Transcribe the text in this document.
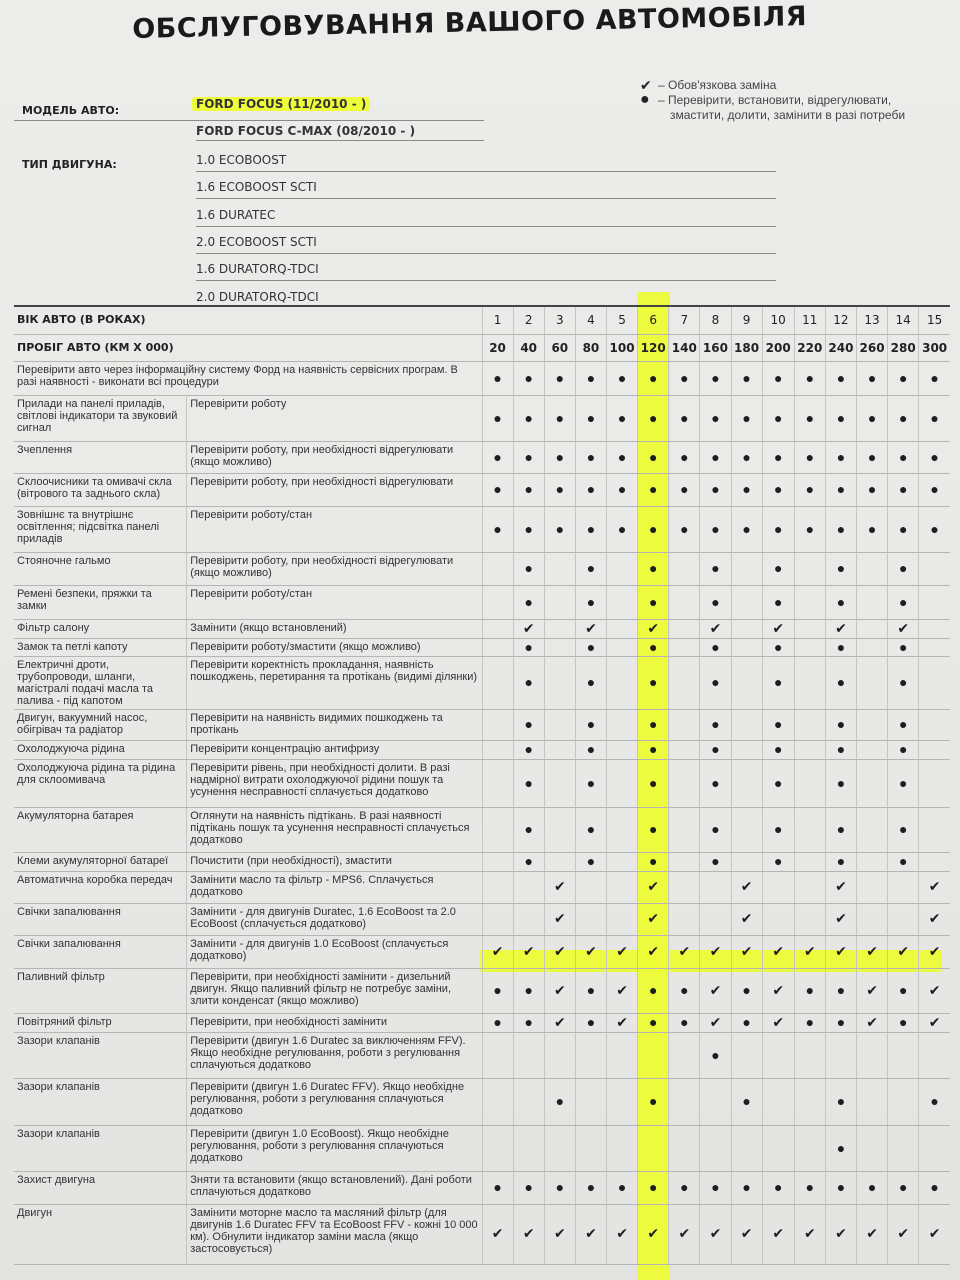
ОБСЛУГОВУВАННЯ ВАШОГО АВТОМОБІЛЯ
✔ – Обов'язкова заміна
● – Перевірити, встановити, відрегулювати,
змастити, долити, замінити в разі потреби
МОДЕЛЬ АВТО:	FORD FOCUS (11/2010 - )
FORD FOCUS C-MAX (08/2010 - )
ТИП ДВИГУНА:	1.0 ECOBOOST
1.6 ECOBOOST SCTI
1.6 DURATEC
2.0 ECOBOOST SCTI
1.6 DURATORQ-TDCI
2.0 DURATORQ-TDCI
ВІК АВТО (В РОКАХ)		1	2	3	4	5	6	7	8	9	10	11	12	13	14	15
ПРОБІГ АВТО (КМ Х 000)		20	40	60	80	100	120	140	160	180	200	220	240	260	280	300
Перевірити авто через інформаційну систему Форд на наявність сервісних програм. В разі наявності - виконати всі процедури		●	●	●	●	●	●	●	●	●	●	●	●	●	●	●
Прилади на панелі приладів, світлові індикатори та звуковий сигнал	Перевірити роботу	●	●	●	●	●	●	●	●	●	●	●	●	●	●	●
Зчеплення	Перевірити роботу, при необхідності відрегулювати (якщо можливо)	●	●	●	●	●	●	●	●	●	●	●	●	●	●	●
Склоочисники та омивачі скла (вітрового та заднього скла)	Перевірити роботу, при необхідності відрегулювати	●	●	●	●	●	●	●	●	●	●	●	●	●	●	●
Зовнішнє та внутрішнє освітлення; підсвітка панелі приладів	Перевірити роботу/стан	●	●	●	●	●	●	●	●	●	●	●	●	●	●	●
Стояночне гальмо	Перевірити роботу, при необхідності відрегулювати (якщо можливо)		●		●		●		●		●		●		●	
Ремені безпеки, пряжки та замки	Перевірити роботу/стан		●		●		●		●		●		●		●	
Фільтр салону	Замінити (якщо встановлений)		✔		✔		✔		✔		✔		✔		✔	
Замок та петлі капоту	Перевірити роботу/змастити (якщо можливо)		●		●		●		●		●		●		●	
Електричні дроти, трубопроводи, шланги, магістралі подачі масла та палива - під капотом	Перевірити коректність прокладання, наявність пошкоджень, перетирання та протікань (видимі ділянки)		●		●		●		●		●		●		●	
Двигун, вакуумний насос, обігрівач та радіатор	Перевірити на наявність видимих пошкоджень та протікань		●		●		●		●		●		●		●	
Охолоджуюча рідина	Перевірити концентрацію антифризу		●		●		●		●		●		●		●	
Охолоджуюча рідина та рідина для склоомивача	Перевірити рівень, при необхідності долити. В разі надмірної витрати охолоджуючої рідини пошук та усунення несправності сплачується додатково		●		●		●		●		●		●		●	
Акумуляторна батарея	Оглянути на наявність підтікань. В разі наявності підтікань пошук та усунення несправності сплачується додатково		●		●		●		●		●		●		●	
Клеми акумуляторної батареї	Почистити (при необхідності), змастити		●		●		●		●		●		●		●	
Автоматична коробка передач	Замінити масло та фільтр - MPS6. Сплачується додатково			✔			✔			✔			✔			✔
Свічки запалювання	Замінити - для двигунів Duratec, 1.6 EcoBoost та 2.0 EcoBoost (сплачується додатково)			✔			✔			✔			✔			✔
Свічки запалювання	Замінити - для двигунів 1.0 EcoBoost (сплачується додатково)	✔	✔	✔	✔	✔	✔	✔	✔	✔	✔	✔	✔	✔	✔	✔
Паливний фільтр	Перевірити, при необхідності замінити - дизельний двигун. Якщо паливний фільтр не потребує заміни, злити конденсат (якщо можливо)	●	●	✔	●	✔	●	●	✔	●	✔	●	●	✔	●	✔
Повітряний фільтр	Перевірити, при необхідності замінити	●	●	✔	●	✔	●	●	✔	●	✔	●	●	✔	●	✔
Зазори клапанів	Перевірити (двигун 1.6 Duratec за виключенням FFV). Якщо необхідне регулювання, роботи з регулювання сплачуються додатково								●							
Зазори клапанів	Перевірити (двигун 1.6 Duratec FFV). Якщо необхідне регулювання, роботи з регулювання сплачуються додатково			●			●			●			●			●
Зазори клапанів	Перевірити (двигун 1.0 EcoBoost). Якщо необхідне регулювання, роботи з регулювання сплачуються додатково												●			
Захист двигуна	Зняти та встановити (якщо встановлений). Дані роботи сплачуються додатково	●	●	●	●	●	●	●	●	●	●	●	●	●	●	●
Двигун	Замінити моторне масло та масляний фільтр (для двигунів 1.6 Duratec FFV та EcoBoost FFV - кожні 10 000 км). Обнулити індикатор заміни масла (якщо застосовується)	✔	✔	✔	✔	✔	✔	✔	✔	✔	✔	✔	✔	✔	✔	✔
